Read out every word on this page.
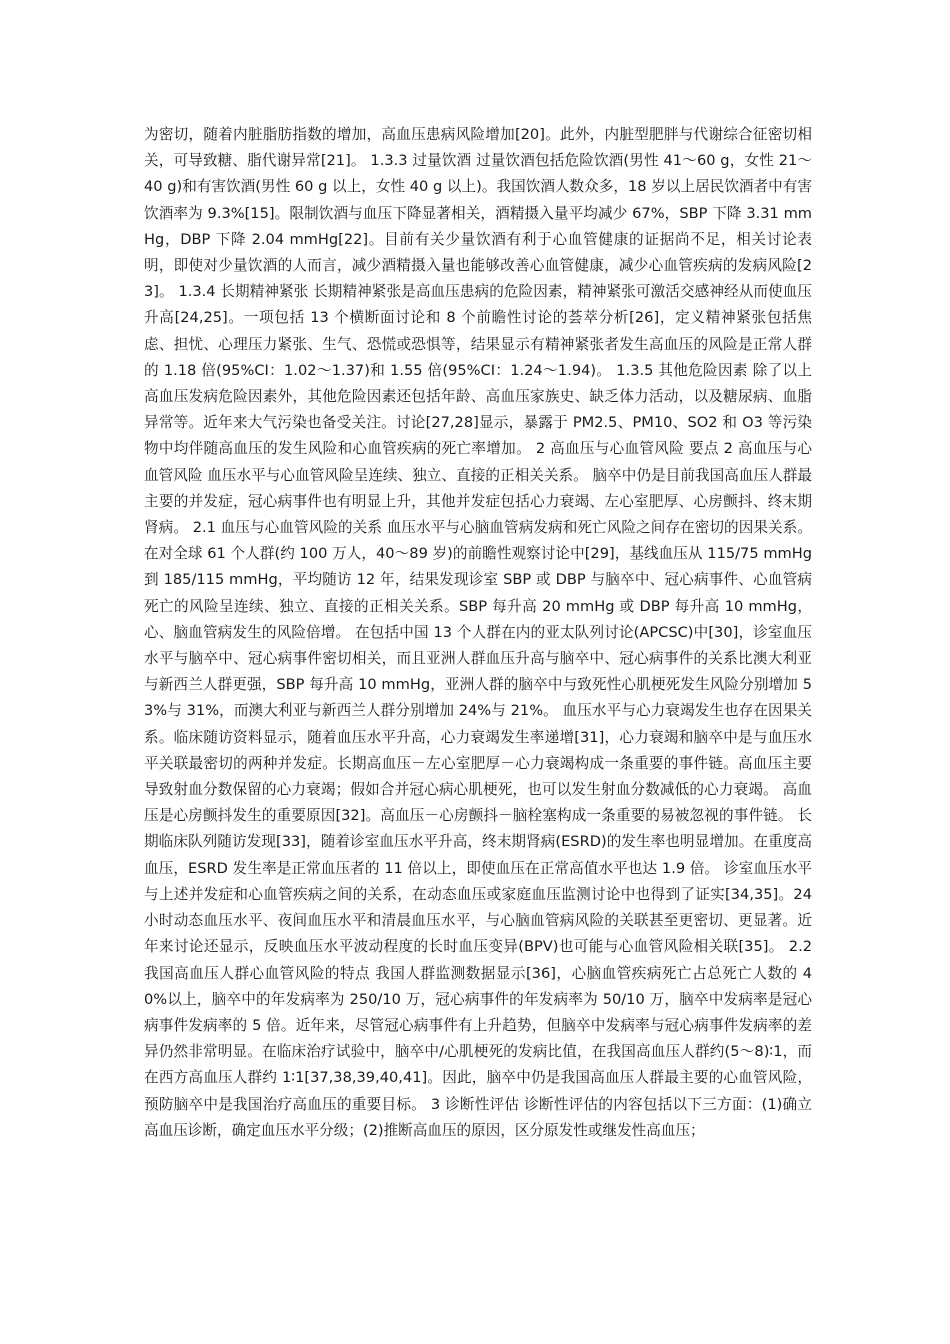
为密切，随着内脏脂肪指数的增加，高血压患病风险增加[20]。此外，内脏型肥胖与代谢综合征密切相关，可导致糖、脂代谢异常[21]。 1.3.3 过量饮酒 过量饮酒包括危险饮酒(男性 41～60 g，女性 21～40 g)和有害饮酒(男性 60 g 以上，女性 40 g 以上)。我国饮酒人数众多，18 岁以上居民饮酒者中有害饮酒率为 9.3%[15]。限制饮酒与血压下降显著相关，酒精摄入量平均减少 67%，SBP 下降 3.31 mmHg，DBP 下降 2.04 mmHg[22]。目前有关少量饮酒有利于心血管健康的证据尚不足，相关讨论表明，即使对少量饮酒的人而言，减少酒精摄入量也能够改善心血管健康，减少心血管疾病的发病风险[23]。 1.3.4 长期精神紧张 长期精神紧张是高血压患病的危险因素，精神紧张可激活交感神经从而使血压升高[24,25]。一项包括 13 个横断面讨论和 8 个前瞻性讨论的荟萃分析[26]，定义精神紧张包括焦虑、担忧、心理压力紧张、生气、恐慌或恐惧等，结果显示有精神紧张者发生高血压的风险是正常人群的 1.18 倍(95%CI：1.02～1.37)和 1.55 倍(95%CI：1.24～1.94)。 1.3.5 其他危险因素 除了以上高血压发病危险因素外，其他危险因素还包括年龄、高血压家族史、缺乏体力活动，以及糖尿病、血脂异常等。近年来大气污染也备受关注。讨论[27,28]显示，暴露于 PM2.5、PM10、SO2 和 O3 等污染物中均伴随高血压的发生风险和心血管疾病的死亡率增加。 2 高血压与心血管风险 要点 2 高血压与心血管风险 血压水平与心血管风险呈连续、独立、直接的正相关关系。 脑卒中仍是目前我国高血压人群最主要的并发症，冠心病事件也有明显上升，其他并发症包括心力衰竭、左心室肥厚、心房颤抖、终末期肾病。 2.1 血压与心血管风险的关系 血压水平与心脑血管病发病和死亡风险之间存在密切的因果关系。在对全球 61 个人群(约 100 万人，40～89 岁)的前瞻性观察讨论中[29]，基线血压从 115/75 mmHg 到 185/115 mmHg，平均随访 12 年，结果发现诊室 SBP 或 DBP 与脑卒中、冠心病事件、心血管病死亡的风险呈连续、独立、直接的正相关关系。SBP 每升高 20 mmHg 或 DBP 每升高 10 mmHg，心、脑血管病发生的风险倍增。 在包括中国 13 个人群在内的亚太队列讨论(APCSC)中[30]，诊室血压水平与脑卒中、冠心病事件密切相关，而且亚洲人群血压升高与脑卒中、冠心病事件的关系比澳大利亚与新西兰人群更强，SBP 每升高 10 mmHg，亚洲人群的脑卒中与致死性心肌梗死发生风险分别增加 53%与 31%，而澳大利亚与新西兰人群分别增加 24%与 21%。 血压水平与心力衰竭发生也存在因果关系。临床随访资料显示，随着血压水平升高，心力衰竭发生率递增[31]，心力衰竭和脑卒中是与血压水平关联最密切的两种并发症。长期高血压－左心室肥厚－心力衰竭构成一条重要的事件链。高血压主要导致射血分数保留的心力衰竭；假如合并冠心病心肌梗死，也可以发生射血分数减低的心力衰竭。 高血压是心房颤抖发生的重要原因[32]。高血压－心房颤抖－脑栓塞构成一条重要的易被忽视的事件链。 长期临床队列随访发现[33]，随着诊室血压水平升高，终末期肾病(ESRD)的发生率也明显增加。在重度高血压，ESRD 发生率是正常血压者的 11 倍以上，即使血压在正常高值水平也达 1.9 倍。 诊室血压水平与上述并发症和心血管疾病之间的关系，在动态血压或家庭血压监测讨论中也得到了证实[34,35]。24 小时动态血压水平、夜间血压水平和清晨血压水平，与心脑血管病风险的关联甚至更密切、更显著。近年来讨论还显示，反映血压水平波动程度的长时血压变异(BPV)也可能与心血管风险相关联[35]。 2.2 我国高血压人群心血管风险的特点 我国人群监测数据显示[36]，心脑血管疾病死亡占总死亡人数的 40%以上，脑卒中的年发病率为 250/10 万，冠心病事件的年发病率为 50/10 万，脑卒中发病率是冠心病事件发病率的 5 倍。近年来，尽管冠心病事件有上升趋势，但脑卒中发病率与冠心病事件发病率的差异仍然非常明显。在临床治疗试验中，脑卒中/心肌梗死的发病比值，在我国高血压人群约(5～8)∶1，而在西方高血压人群约 1∶1[37,38,39,40,41]。因此，脑卒中仍是我国高血压人群最主要的心血管风险，预防脑卒中是我国治疗高血压的重要目标。 3 诊断性评估 诊断性评估的内容包括以下三方面：(1)确立高血压诊断，确定血压水平分级；(2)推断高血压的原因，区分原发性或继发性高血压；
